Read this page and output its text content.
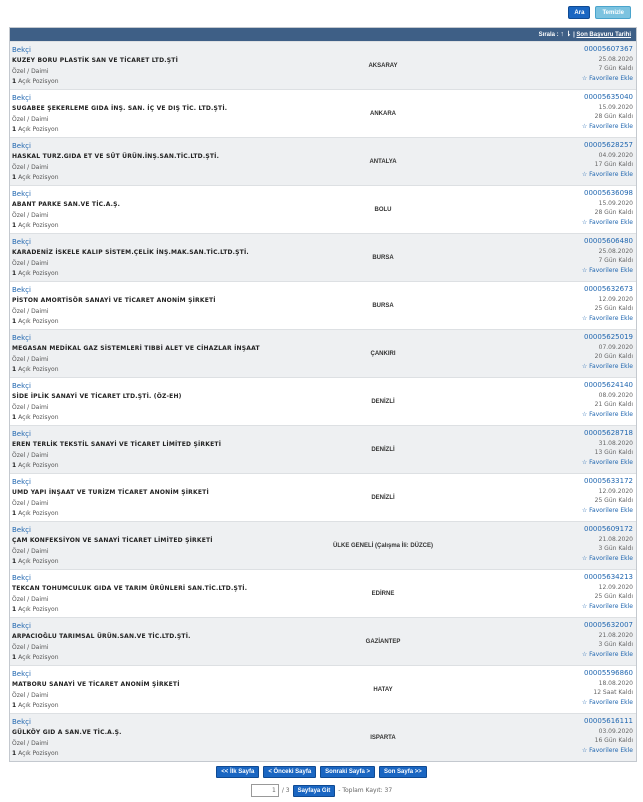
Ara	Temizle
Sırala : ↑ ⇂ | Son Başvuru Tarihi
Bekçi
KUZEY BORU PLASTİK SAN VE TİCARET LTD.ŞTİ
Özel / Daimi
1 Açık Pozisyon
AKSARAY
00005607367
25.08.2020
7 Gün Kaldı
☆ Favorilere Ekle
Bekçi
SUGABEE ŞEKERLEME GIDA İNŞ. SAN. İÇ VE DIŞ TİC. LTD.ŞTİ.
Özel / Daimi
1 Açık Pozisyon
ANKARA
00005635040
15.09.2020
28 Gün Kaldı
☆ Favorilere Ekle
Bekçi
HASKAL TURZ.GIDA ET VE SÜT ÜRÜN.İNŞ.SAN.TİC.LTD.ŞTİ.
Özel / Daimi
1 Açık Pozisyon
ANTALYA
00005628257
04.09.2020
17 Gün Kaldı
☆ Favorilere Ekle
Bekçi
ABANT PARKE SAN.VE TİC.A.Ş.
Özel / Daimi
1 Açık Pozisyon
BOLU
00005636098
15.09.2020
28 Gün Kaldı
☆ Favorilere Ekle
Bekçi
KARADENİZ İSKELE KALIP SİSTEM.ÇELİK İNŞ.MAK.SAN.TİC.LTD.ŞTİ.
Özel / Daimi
1 Açık Pozisyon
BURSA
00005606480
25.08.2020
7 Gün Kaldı
☆ Favorilere Ekle
Bekçi
PİSTON AMORTİSÖR SANAYİ VE TİCARET ANONİM ŞİRKETİ
Özel / Daimi
1 Açık Pozisyon
BURSA
00005632673
12.09.2020
25 Gün Kaldı
☆ Favorilere Ekle
Bekçi
MEGASAN MEDİKAL GAZ SİSTEMLERİ TIBBİ ALET VE CİHAZLAR İNŞAAT
Özel / Daimi
1 Açık Pozisyon
ÇANKIRI
00005625019
07.09.2020
20 Gün Kaldı
☆ Favorilere Ekle
Bekçi
SİDE İPLİK SANAYİ VE TİCARET LTD.ŞTİ. (ÖZ-EH)
Özel / Daimi
1 Açık Pozisyon
DENİZLİ
00005624140
08.09.2020
21 Gün Kaldı
☆ Favorilere Ekle
Bekçi
EREN TERLİK TEKSTİL SANAYİ VE TİCARET LİMİTED ŞİRKETİ
Özel / Daimi
1 Açık Pozisyon
DENİZLİ
00005628718
31.08.2020
13 Gün Kaldı
☆ Favorilere Ekle
Bekçi
UMD YAPI İNŞAAT VE TURİZM TİCARET ANONİM ŞİRKETİ
Özel / Daimi
1 Açık Pozisyon
DENİZLİ
00005633172
12.09.2020
25 Gün Kaldı
☆ Favorilere Ekle
Bekçi
ÇAM KONFEKSİYON VE SANAYİ TİCARET LİMİTED ŞİRKETİ
Özel / Daimi
1 Açık Pozisyon
ÜLKE GENELİ (Çalışma İli: DÜZCE)
00005609172
21.08.2020
3 Gün Kaldı
☆ Favorilere Ekle
Bekçi
TEKCAN TOHUMCULUK GIDA VE TARIM ÜRÜNLERİ SAN.TİC.LTD.ŞTİ.
Özel / Daimi
1 Açık Pozisyon
EDİRNE
00005634213
12.09.2020
25 Gün Kaldı
☆ Favorilere Ekle
Bekçi
ARPACIOĞLU TARIMSAL ÜRÜN.SAN.VE TİC.LTD.ŞTİ.
Özel / Daimi
1 Açık Pozisyon
GAZİANTEP
00005632007
21.08.2020
3 Gün Kaldı
☆ Favorilere Ekle
Bekçi
MATBORU SANAYİ VE TİCARET ANONİM ŞİRKETİ
Özel / Daimi
1 Açık Pozisyon
HATAY
00005596860
18.08.2020
12 Saat Kaldı
☆ Favorilere Ekle
Bekçi
GÜLKÖY GID A SAN.VE TİC.A.Ş.
Özel / Daimi
1 Açık Pozisyon
ISPARTA
00005616111
03.09.2020
16 Gün Kaldı
☆ Favorilere Ekle
<< İlk Sayfa	< Önceki Sayfa	Sonraki Sayfa >	Son Sayfa >>
1	/ 3	Sayfaya Git	- Toplam Kayıt: 37
